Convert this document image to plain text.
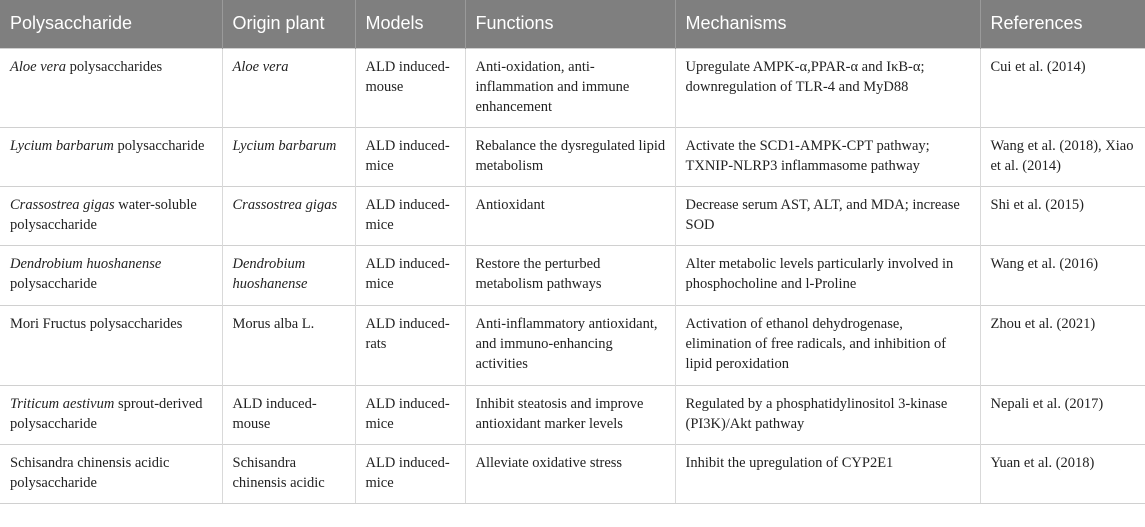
Polysaccharide	Origin plant	Models	Functions	Mechanisms	References
Aloe vera polysaccharides	Aloe vera	ALD induced-mouse	Anti-oxidation, anti-inflammation and immune enhancement	Upregulate AMPK-α,PPAR-α and IκB-α; downregulation of TLR-4 and MyD88	Cui et al. (2014)
Lycium barbarum polysaccharide	Lycium barbarum	ALD induced-mice	Rebalance the dysregulated lipid metabolism	Activate the SCD1-AMPK-CPT pathway; TXNIP-NLRP3 inflammasome pathway	Wang et al. (2018), Xiao et al. (2014)
Crassostrea gigas water-soluble polysaccharide	Crassostrea gigas	ALD induced-mice	Antioxidant	Decrease serum AST, ALT, and MDA; increase SOD	Shi et al. (2015)
Dendrobium huoshanense polysaccharide	Dendrobium huoshanense	ALD induced-mice	Restore the perturbed metabolism pathways	Alter metabolic levels particularly involved in phosphocholine and l-Proline	Wang et al. (2016)
Mori Fructus polysaccharides	Morus alba L.	ALD induced-rats	Anti-inflammatory antioxidant, and immuno-enhancing activities	Activation of ethanol dehydrogenase, elimination of free radicals, and inhibition of lipid peroxidation	Zhou et al. (2021)
Triticum aestivum sprout-derived polysaccharide	ALD induced-mouse	ALD induced-mice	Inhibit steatosis and improve antioxidant marker levels	Regulated by a phosphatidylinositol 3-kinase (PI3K)/Akt pathway	Nepali et al. (2017)
Schisandra chinensis acidic polysaccharide	Schisandra chinensis acidic	ALD induced-mice	Alleviate oxidative stress	Inhibit the upregulation of CYP2E1	Yuan et al. (2018)
